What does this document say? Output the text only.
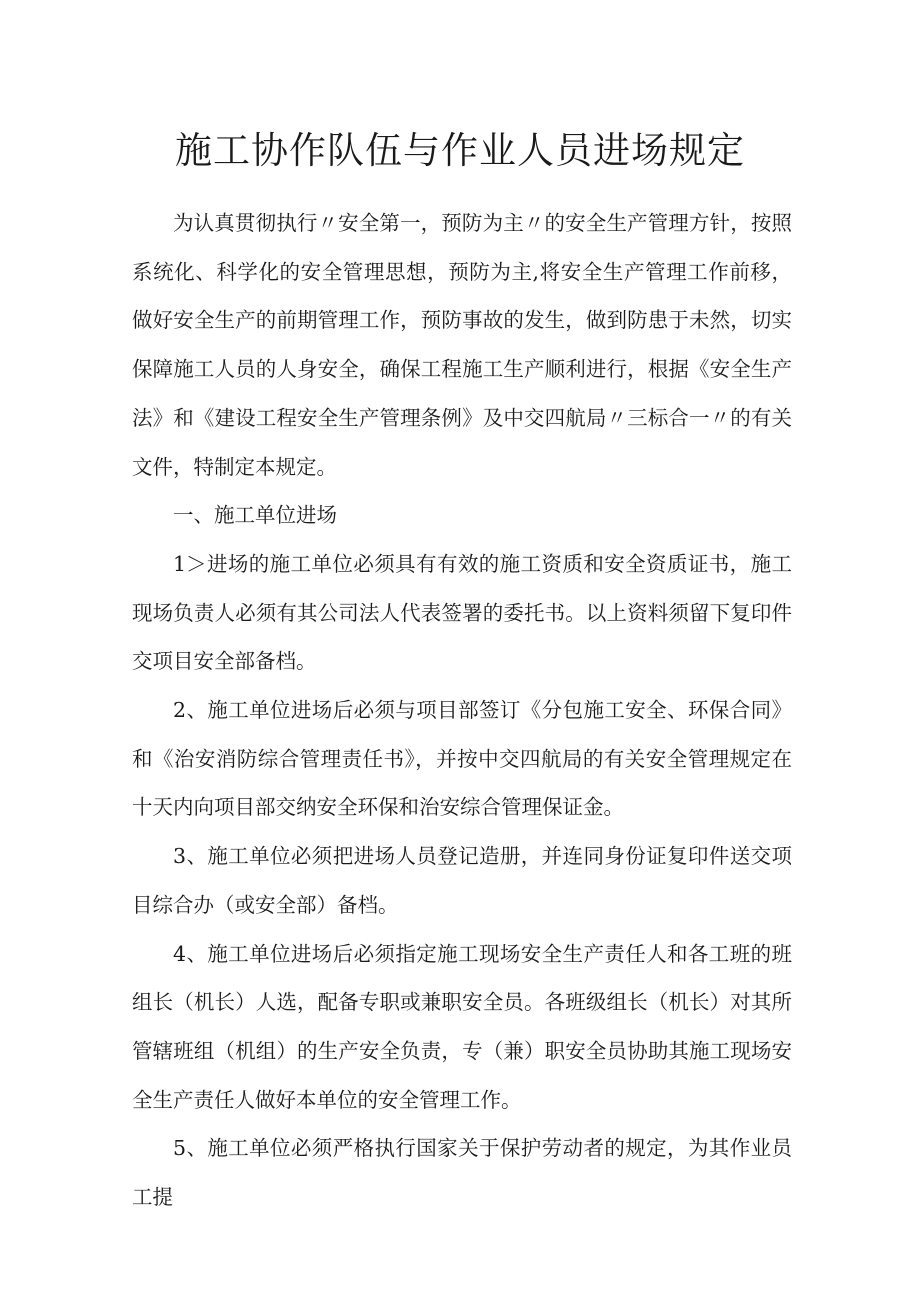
施工协作队伍与作业人员进场规定

为认真贯彻执行〃安全第一，预防为主〃的安全生产管理方针，按照系统化、科学化的安全管理思想，预防为主,将安全生产管理工作前移，做好安全生产的前期管理工作，预防事故的发生，做到防患于未然，切实保障施工人员的人身安全，确保工程施工生产顺利进行，根据《安全生产法》和《建设工程安全生产管理条例》及中交四航局〃三标合一〃的有关文件，特制定本规定。

一、施工单位进场

1＞进场的施工单位必须具有有效的施工资质和安全资质证书，施工现场负责人必须有其公司法人代表签署的委托书。以上资料须留下复印件交项目安全部备档。

2、施工单位进场后必须与项目部签订《分包施工安全、环保合同》和《治安消防综合管理责任书》，并按中交四航局的有关安全管理规定在十天内向项目部交纳安全环保和治安综合管理保证金。

3、施工单位必须把进场人员登记造册，并连同身份证复印件送交项目综合办（或安全部）备档。

4、施工单位进场后必须指定施工现场安全生产责任人和各工班的班组长（机长）人选，配备专职或兼职安全员。各班级组长（机长）对其所管辖班组（机组）的生产安全负责，专（兼）职安全员协助其施工现场安全生产责任人做好本单位的安全管理工作。

5、施工单位必须严格执行国家关于保护劳动者的规定，为其作业员工提
